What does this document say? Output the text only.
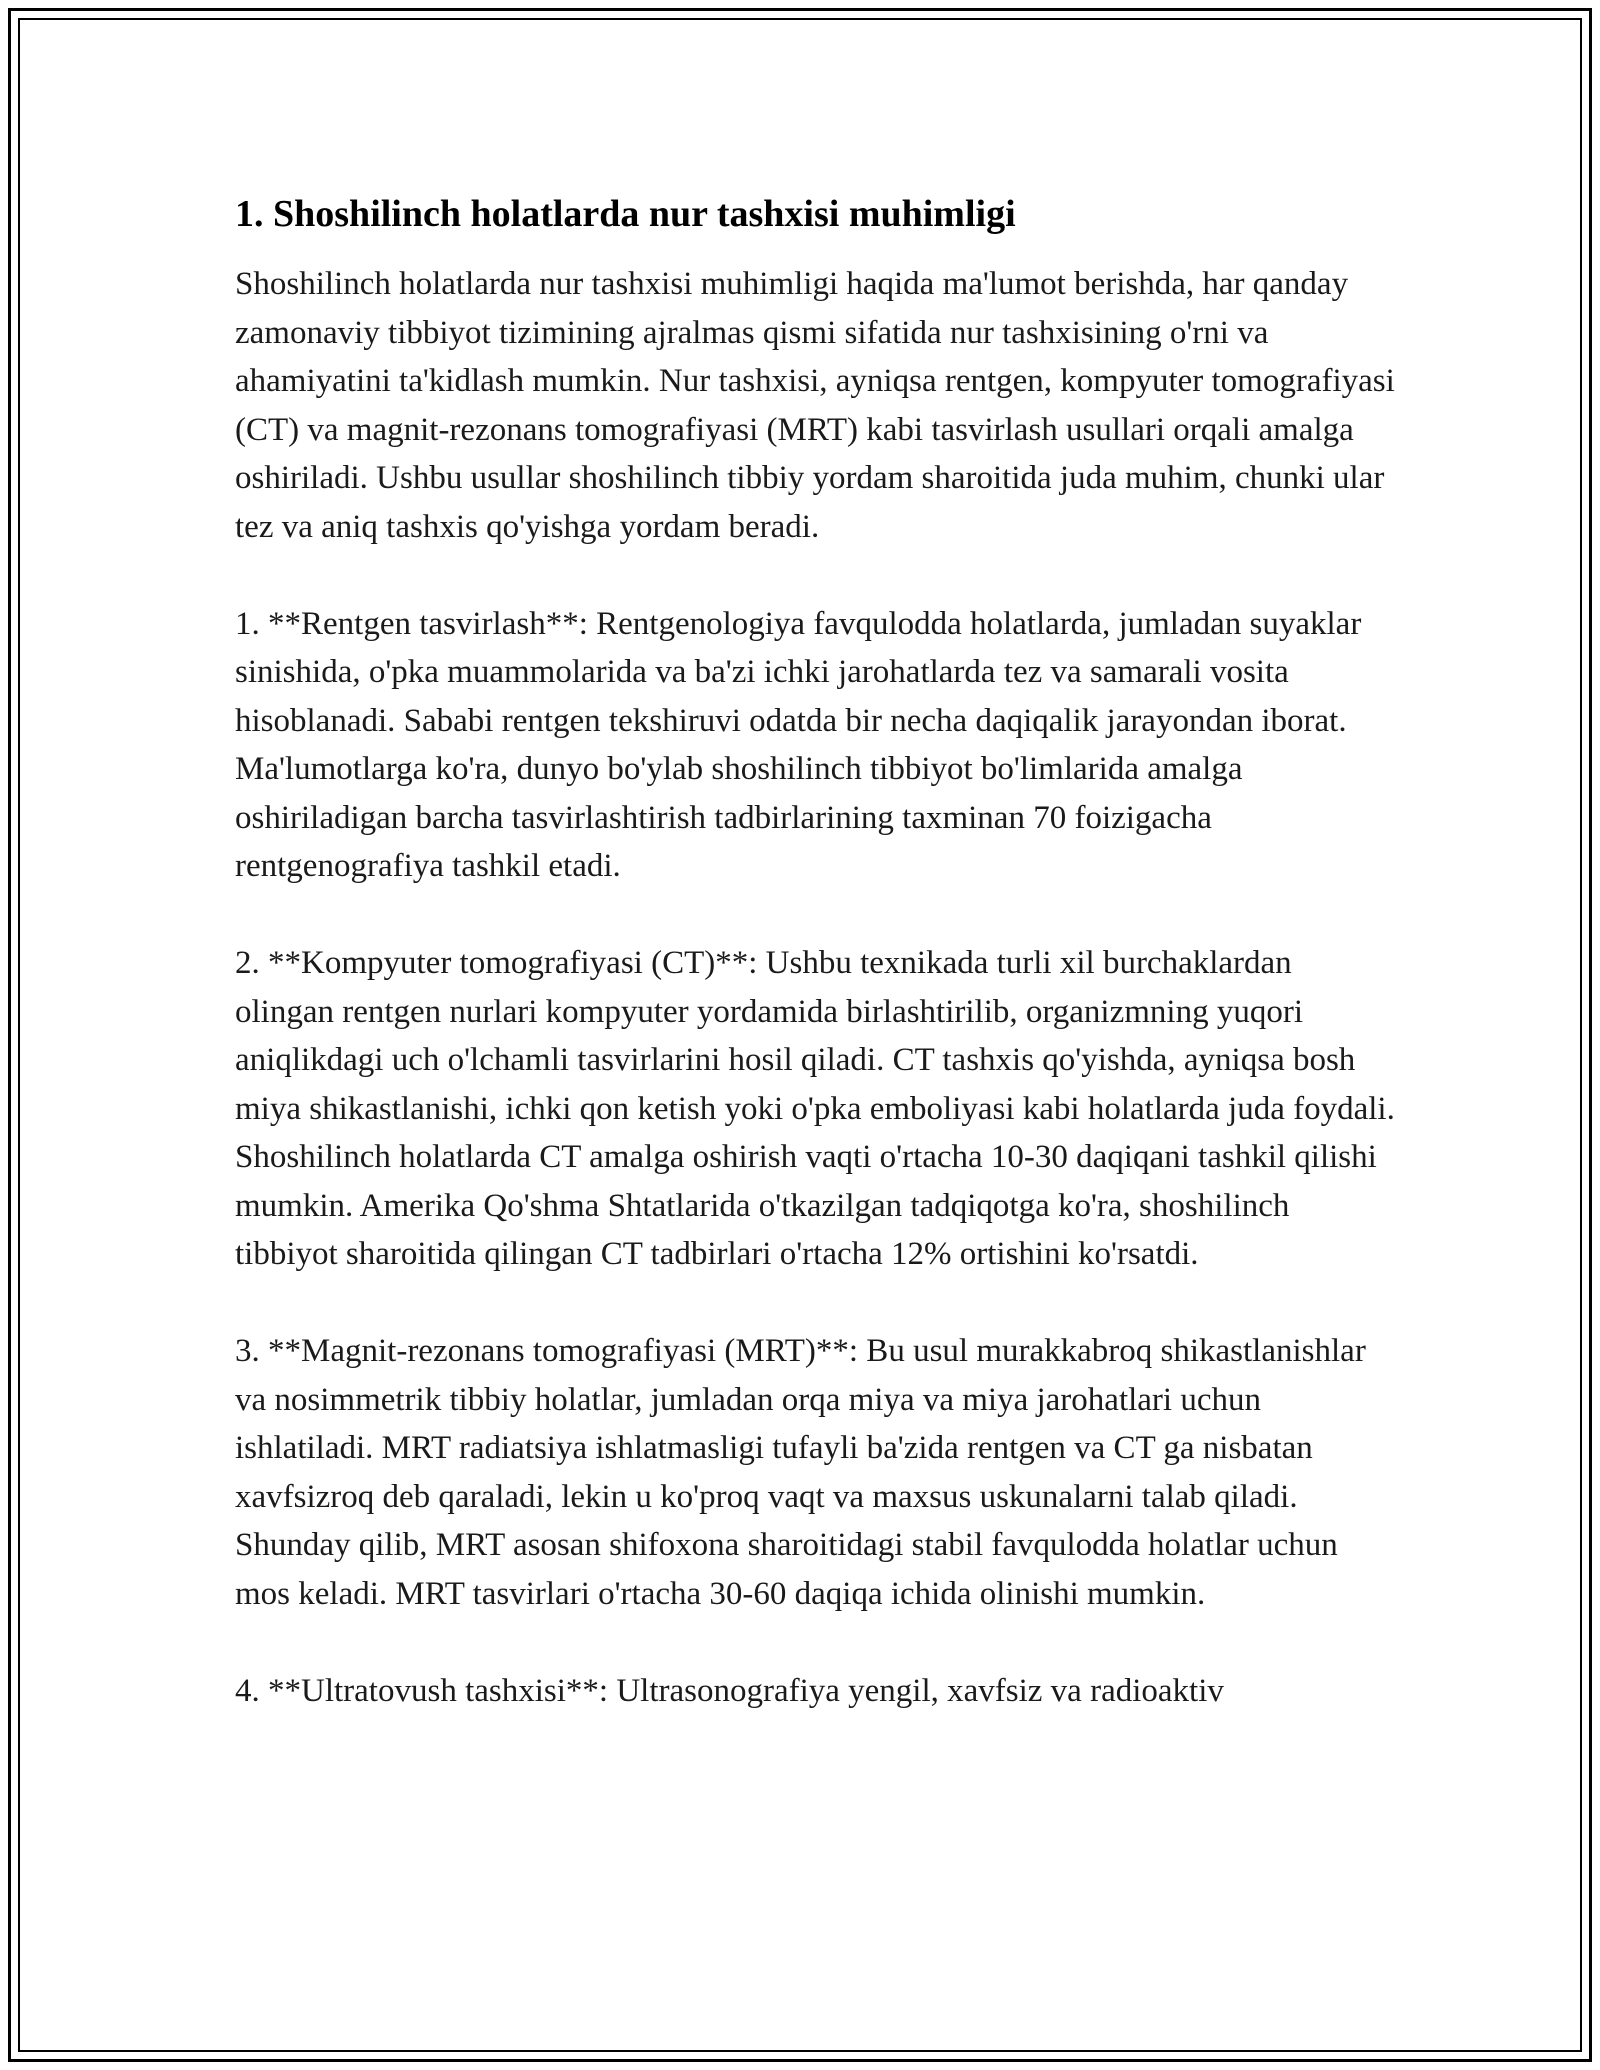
1. Shoshilinch holatlarda nur tashxisi muhimligi

Shoshilinch holatlarda nur tashxisi muhimligi haqida ma'lumot berishda, har qanday zamonaviy tibbiyot tizimining ajralmas qismi sifatida nur tashxisining o'rni va ahamiyatini ta'kidlash mumkin. Nur tashxisi, ayniqsa rentgen, kompyuter tomografiyasi (CT) va magnit-rezonans tomografiyasi (MRT) kabi tasvirlash usullari orqali amalga oshiriladi. Ushbu usullar shoshilinch tibbiy yordam sharoitida juda muhim, chunki ular tez va aniq tashxis qo'yishga yordam beradi.

1. **Rentgen tasvirlash**: Rentgenologiya favqulodda holatlarda, jumladan suyaklar sinishida, o'pka muammolarida va ba'zi ichki jarohatlarda tez va samarali vosita hisoblanadi. Sababi rentgen tekshiruvi odatda bir necha daqiqalik jarayondan iborat. Ma'lumotlarga ko'ra, dunyo bo'ylab shoshilinch tibbiyot bo'limlarida amalga oshiriladigan barcha tasvirlashtirish tadbirlarining taxminan 70 foizigacha rentgenografiya tashkil etadi.

2. **Kompyuter tomografiyasi (CT)**: Ushbu texnikada turli xil burchaklardan olingan rentgen nurlari kompyuter yordamida birlashtirilib, organizmning yuqori aniqlikdagi uch o'lchamli tasvirlarini hosil qiladi. CT tashxis qo'yishda, ayniqsa bosh miya shikastlanishi, ichki qon ketish yoki o'pka emboliyasi kabi holatlarda juda foydali. Shoshilinch holatlarda CT amalga oshirish vaqti o'rtacha 10-30 daqiqani tashkil qilishi mumkin. Amerika Qo'shma Shtatlarida o'tkazilgan tadqiqotga ko'ra, shoshilinch tibbiyot sharoitida qilingan CT tadbirlari o'rtacha 12% ortishini ko'rsatdi.

3. **Magnit-rezonans tomografiyasi (MRT)**: Bu usul murakkabroq shikastlanishlar va nosimmetrik tibbiy holatlar, jumladan orqa miya va miya jarohatlari uchun ishlatiladi. MRT radiatsiya ishlatmasligi tufayli ba'zida rentgen va CT ga nisbatan xavfsizroq deb qaraladi, lekin u ko'proq vaqt va maxsus uskunalarni talab qiladi. Shunday qilib, MRT asosan shifoxona sharoitidagi stabil favqulodda holatlar uchun mos keladi. MRT tasvirlari o'rtacha 30-60 daqiqa ichida olinishi mumkin.

4. **Ultratovush tashxisi**: Ultrasonografiya yengil, xavfsiz va radioaktiv
